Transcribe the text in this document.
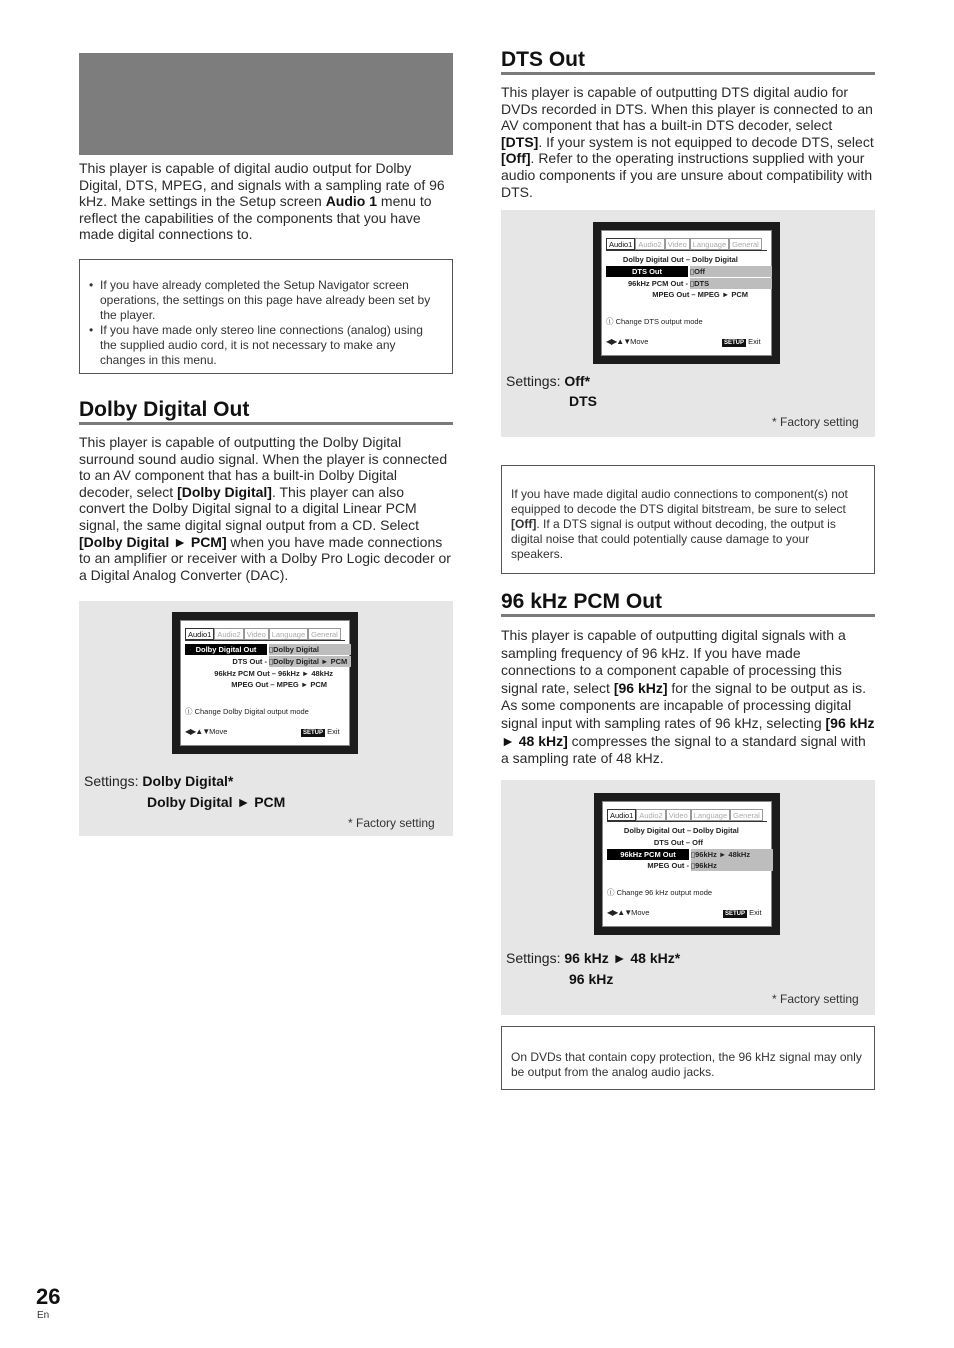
This player is capable of digital audio output for Dolby Digital, DTS, MPEG, and signals with a sampling rate of 96 kHz. Make settings in the Setup screen Audio 1 menu to reflect the capabilities of the components that you have made digital connections to.
• If you have already completed the Setup Navigator screen operations, the settings on this page have already been set by the player.
• If you have made only stereo line connections (analog) using the supplied audio cord, it is not necessary to make any changes in this menu.
Dolby Digital Out
This player is capable of outputting the Dolby Digital surround sound audio signal. When the player is connected to an AV component that has a built-in Dolby Digital decoder, select [Dolby Digital]. This player can also convert the Dolby Digital signal to a digital Linear PCM signal, the same digital signal output from a CD. Select [Dolby Digital ► PCM] when you have made connections to an amplifier or receiver with a Dolby Pro Logic decoder or a Digital Analog Converter (DAC).
Audio1 Audio2 Video Language General
Dolby Digital Out	▯Dolby Digital
DTS Out - ▯Dolby Digital ► PCM
96kHz PCM Out – 96kHz ► 48kHz
MPEG Out – MPEG ► PCM
ⓘ Change Dolby Digital output mode
◀▶▲▼Move	SETUP Exit
Settings: Dolby Digital*
Dolby Digital ► PCM
* Factory setting
DTS Out
This player is capable of outputting DTS digital audio for DVDs recorded in DTS. When this player is connected to an AV component that has a built-in DTS decoder, select [DTS]. If your system is not equipped to decode DTS, select [Off]. Refer to the operating instructions supplied with your audio components if you are unsure about compatibility with DTS.
Audio1 Audio2 Video Language General
Dolby Digital Out – Dolby Digital
DTS Out	▯Off
96kHz PCM Out - ▯DTS
MPEG Out – MPEG ► PCM
ⓘ Change DTS output mode
◀▶▲▼Move	SETUP Exit
Settings: Off*
DTS
* Factory setting
If you have made digital audio connections to component(s) not equipped to decode the DTS digital bitstream, be sure to select [Off]. If a DTS signal is output without decoding, the output is digital noise that could potentially cause damage to your speakers.
96 kHz PCM Out
This player is capable of outputting digital signals with a sampling frequency of 96 kHz. If you have made connections to a component capable of processing this signal rate, select [96 kHz] for the signal to be output as is. As some components are incapable of processing digital signal input with sampling rates of 96 kHz, selecting [96 kHz ► 48 kHz] compresses the signal to a standard signal with a sampling rate of 48 kHz.
Audio1 Audio2 Video Language General
Dolby Digital Out – Dolby Digital
DTS Out – Off
96kHz PCM Out	▯96kHz ► 48kHz
MPEG Out - ▯96kHz
ⓘ Change 96 kHz output mode
◀▶▲▼Move	SETUP Exit
Settings: 96 kHz ► 48 kHz*
96 kHz
* Factory setting
On DVDs that contain copy protection, the 96 kHz signal may only be output from the analog audio jacks.
26
En
